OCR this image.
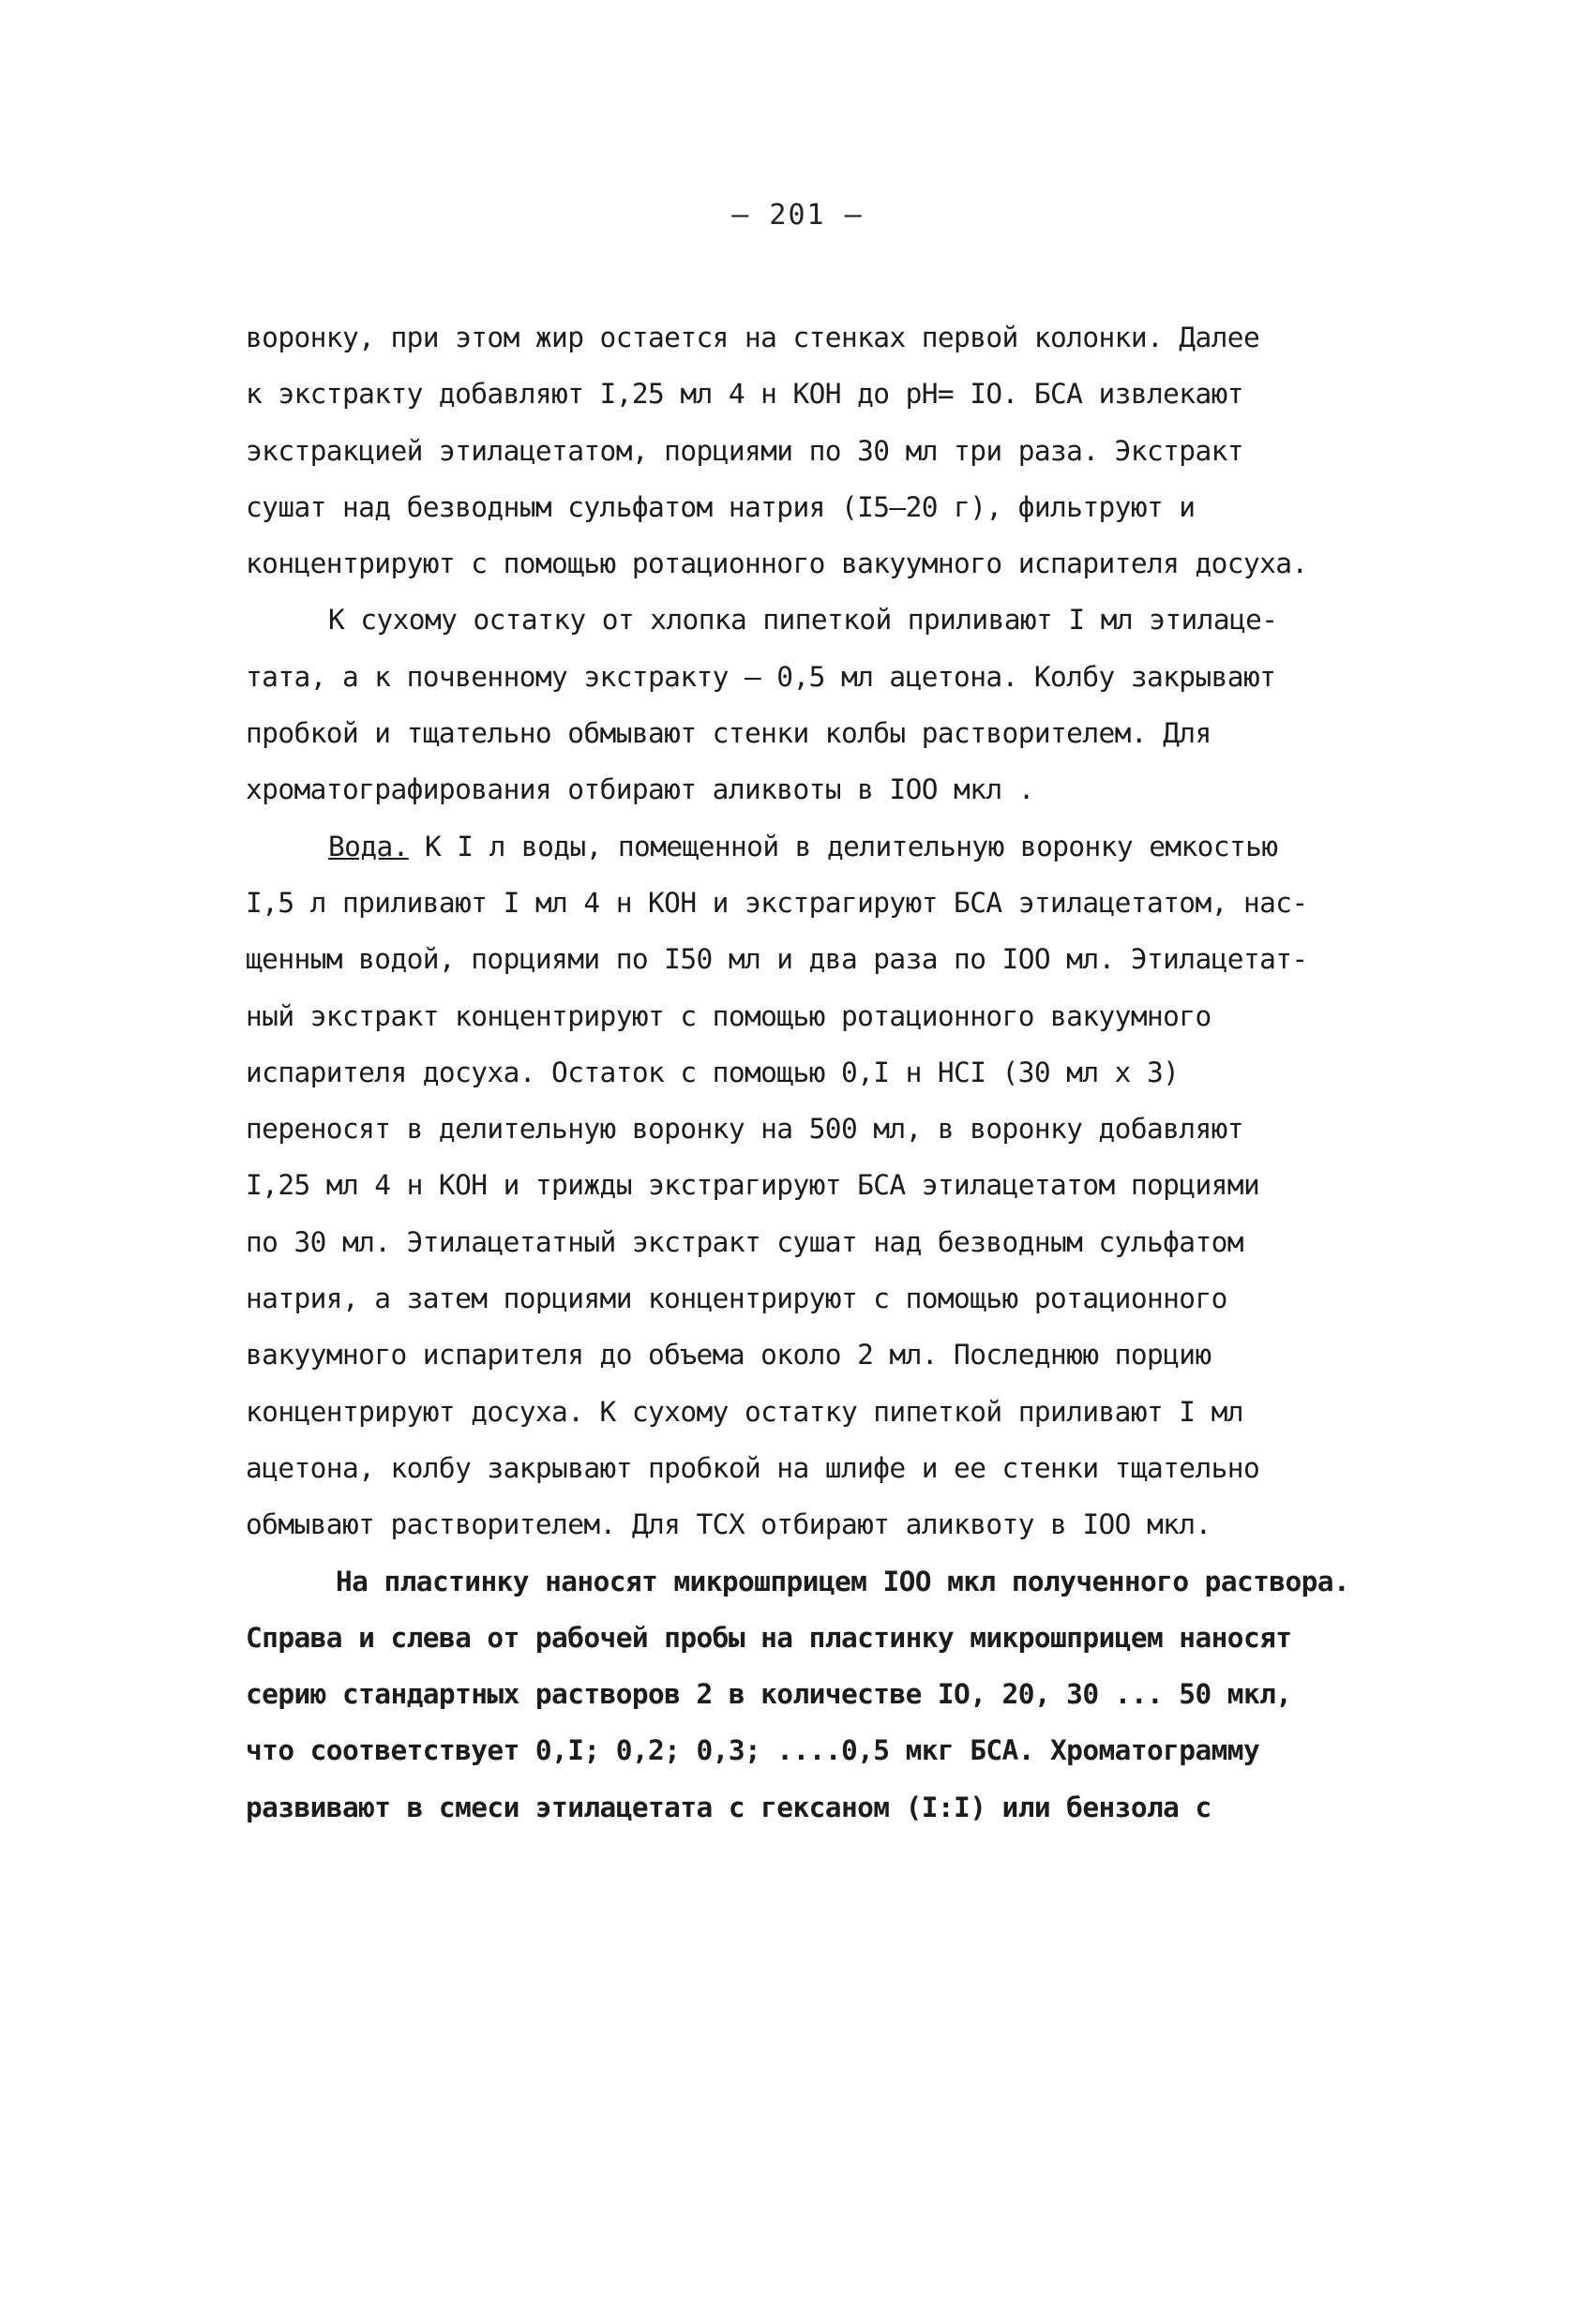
– 201 –
воронку, при этом жир остается на стенках первой колонки. Далее
к экстракту добавляют I,25 мл 4 н КОН до рН= IO. БСА извлекают
экстракцией этилацетатом, порциями по 30 мл три раза. Экстракт
сушат над безводным сульфатом натрия (I5–20 г), фильтруют и
концентрируют с помощью ротационного вакуумного испарителя досуха.
К сухому остатку от хлопка пипеткой приливают I мл этилаце-
тата, а к почвенному экстракту – 0,5 мл ацетона. Колбу закрывают
пробкой и тщательно обмывают стенки колбы растворителем. Для
хроматографирования отбирают аликвоты в IOO мкл .
Вода. К I л воды, помещенной в делительную воронку емкостью
I,5 л приливают I мл 4 н КОН и экстрагируют БСА этилацетатом, нас-
щенным водой, порциями по I50 мл и два раза по IOO мл. Этилацетат-
ный экстракт концентрируют с помощью ротационного вакуумного
испарителя досуха. Остаток с помощью 0,I н HCI (30 мл х 3)
переносят в делительную воронку на 500 мл, в воронку добавляют
I,25 мл 4 н КОН и трижды экстрагируют БСА этилацетатом порциями
по 30 мл. Этилацетатный экстракт сушат над безводным сульфатом
натрия, а затем порциями концентрируют с помощью ротационного
вакуумного испарителя до объема около 2 мл. Последнюю порцию
концентрируют досуха. К сухому остатку пипеткой приливают I мл
ацетона, колбу закрывают пробкой на шлифе и ее стенки тщательно
обмывают растворителем. Для ТСХ отбирают аликвоту в IOO мкл.
На пластинку наносят микрошприцем IOO мкл полученного раствора.
Справа и слева от рабочей пробы на пластинку микрошприцем наносят
серию стандартных растворов 2 в количестве IO, 20, 30 ... 50 мкл,
что соответствует 0,I; 0,2; 0,3; ....0,5 мкг БСА. Хроматограмму
развивают в смеси этилацетата с гексаном (I:I) или бензола с
